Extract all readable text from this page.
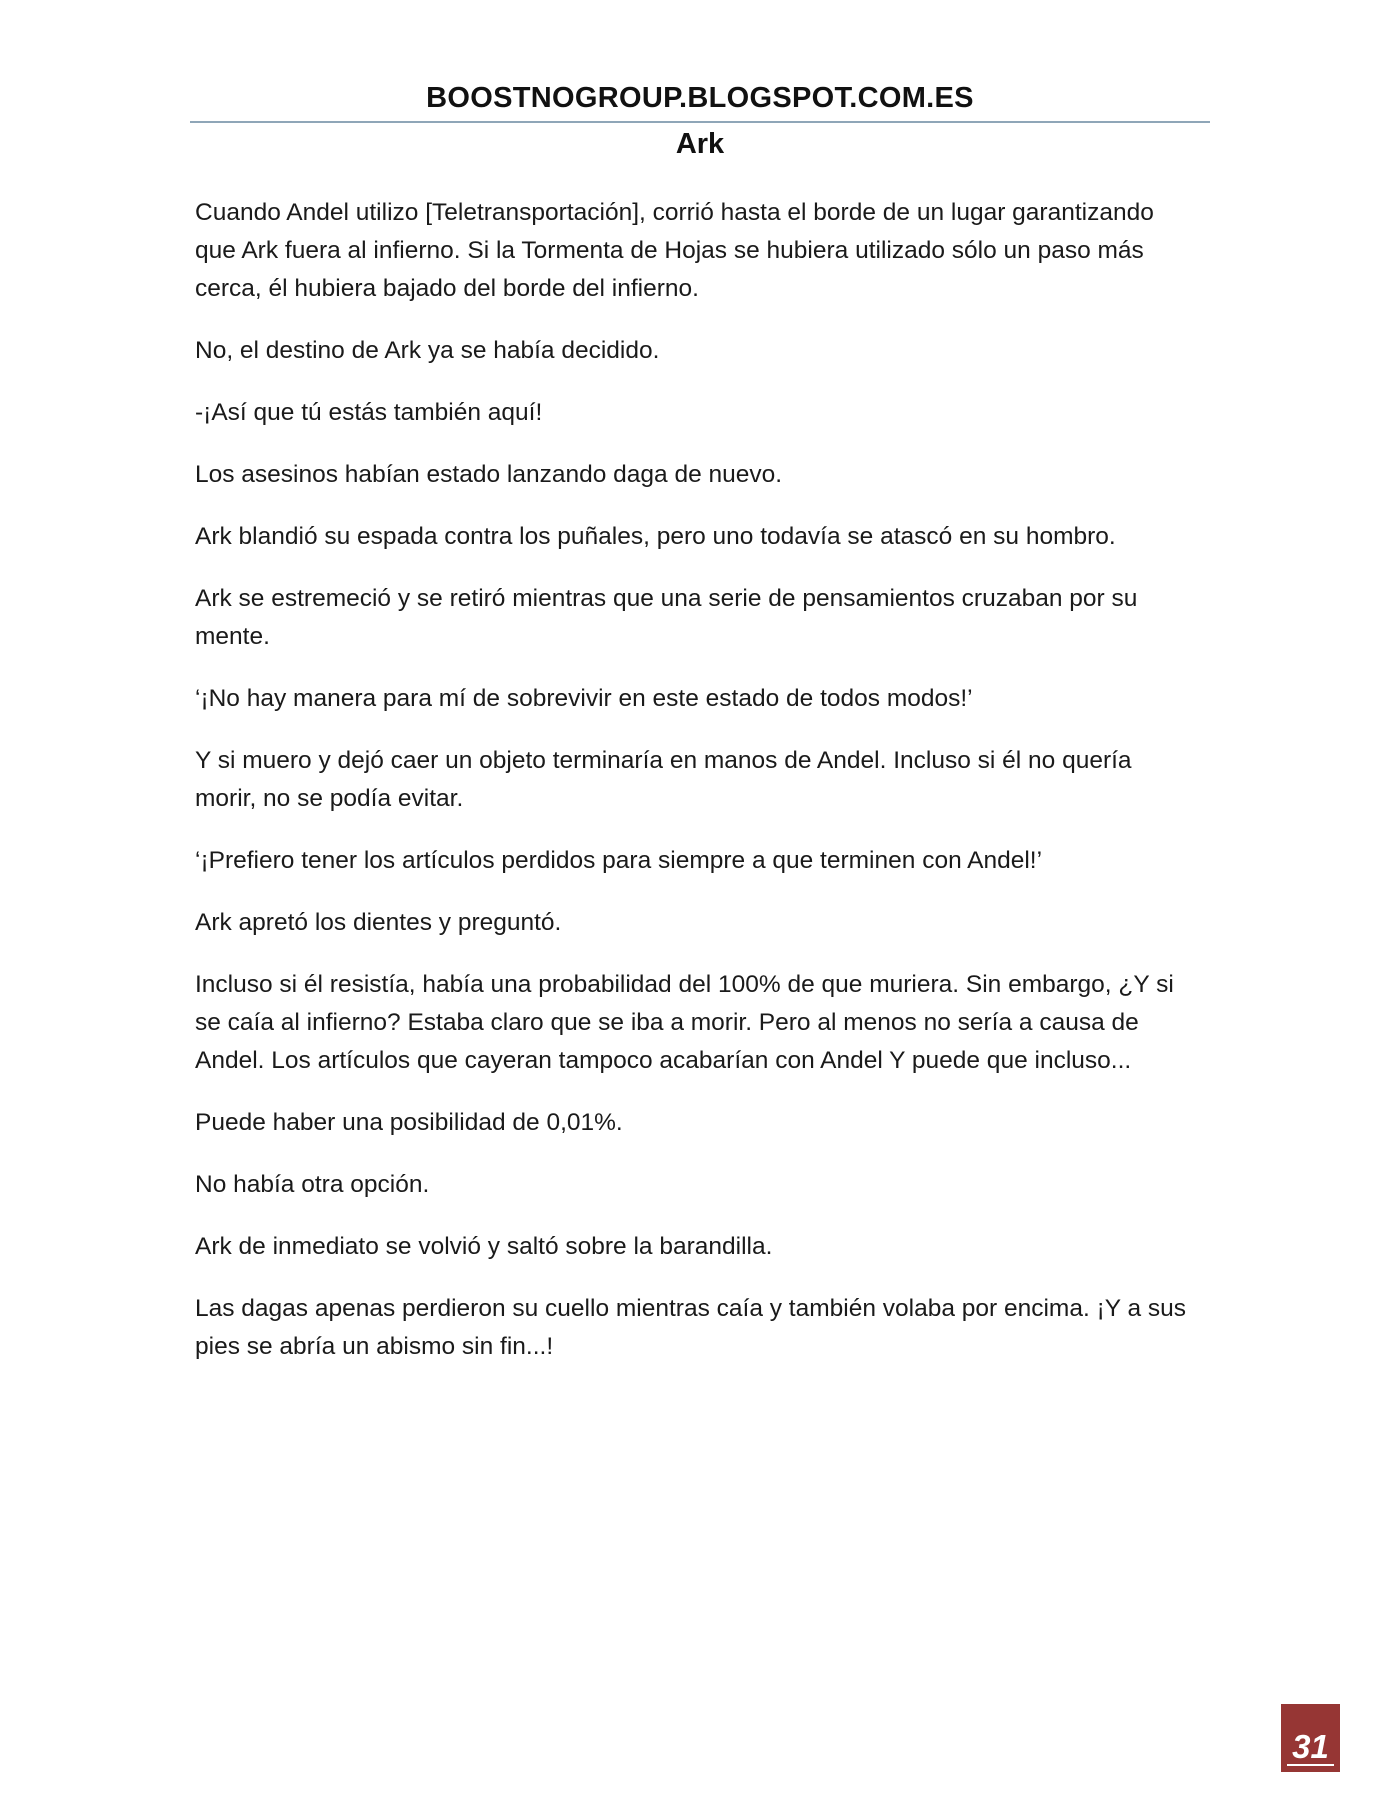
BOOSTNOGROUP.BLOGSPOT.COM.ES
Ark

Cuando Andel utilizo [Teletransportación], corrió hasta el borde de un lugar garantizando que Ark fuera al infierno. Si la Tormenta de Hojas se hubiera utilizado sólo un paso más cerca, él hubiera bajado del borde del infierno.

No, el destino de Ark ya se había decidido.

-¡Así que tú estás también aquí!

Los asesinos habían estado lanzando daga de nuevo.

Ark blandió su espada contra los puñales, pero uno todavía se atascó en su hombro.

Ark se estremeció y se retiró mientras que una serie de pensamientos cruzaban por su mente.

‘¡No hay manera para mí de sobrevivir en este estado de todos modos!’

Y si muero y dejó caer un objeto terminaría en manos de Andel. Incluso si él no quería morir, no se podía evitar.

‘¡Prefiero tener los artículos perdidos para siempre a que terminen con Andel!’

Ark apretó los dientes y preguntó.

Incluso si él resistía, había una probabilidad del 100% de que muriera. Sin embargo, ¿Y si se caía al infierno? Estaba claro que se iba a morir. Pero al menos no sería a causa de Andel. Los artículos que cayeran tampoco acabarían con Andel Y puede que incluso...

Puede haber una posibilidad de 0,01%.

No había otra opción.

Ark de inmediato se volvió y saltó sobre la barandilla.

Las dagas apenas perdieron su cuello mientras caía y también volaba por encima. ¡Y a sus pies se abría un abismo sin fin...!

31
